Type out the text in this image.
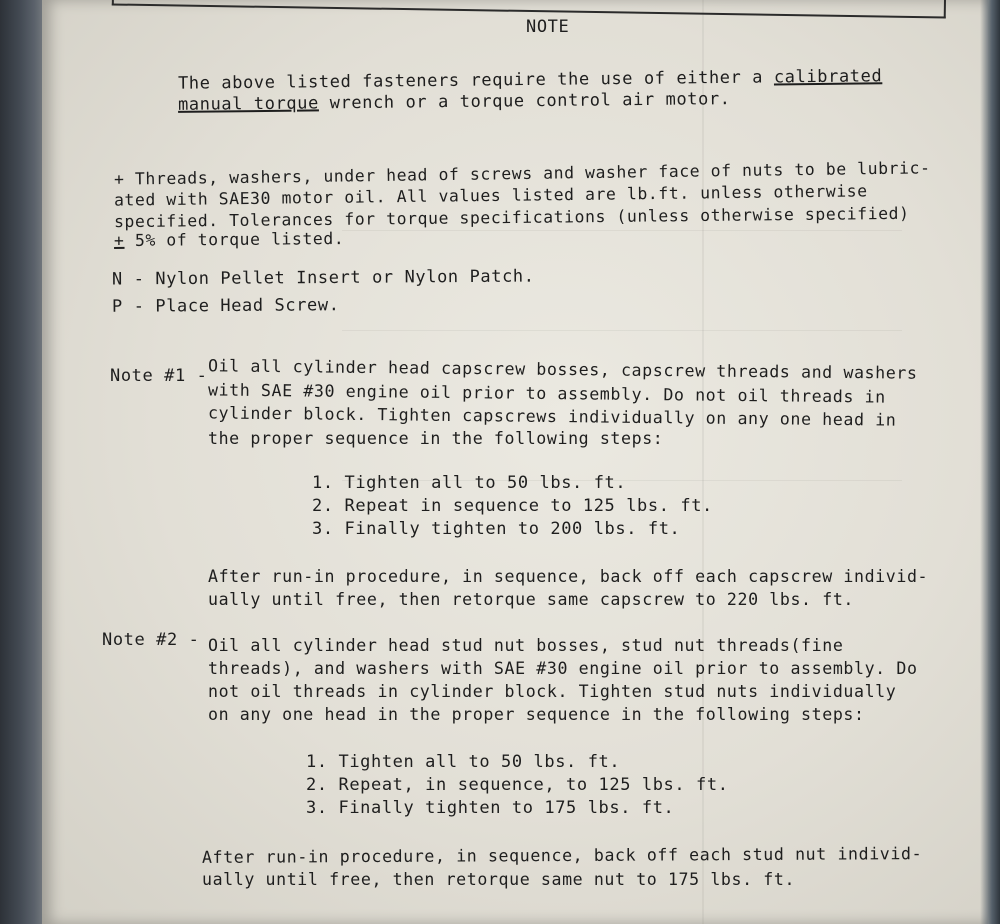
NOTE
The above listed fasteners require the use of either a calibrated
manual torque wrench or a torque control air motor.
+ Threads, washers, under head of screws and washer face of nuts to be lubric-
ated with SAE30 motor oil. All values listed are lb.ft. unless otherwise
specified. Tolerances for torque specifications (unless otherwise specified)
+ 5% of torque listed.
N - Nylon Pellet Insert or Nylon Patch.
P - Place Head Screw.
Note #1 - Oil all cylinder head capscrew bosses, capscrew threads and washers
with SAE #30 engine oil prior to assembly. Do not oil threads in
cylinder block. Tighten capscrews individually on any one head in
the proper sequence in the following steps:
1. Tighten all to 50 lbs. ft.
2. Repeat in sequence to 125 lbs. ft.
3. Finally tighten to 200 lbs. ft.
After run-in procedure, in sequence, back off each capscrew individ-
ually until free, then retorque same capscrew to 220 lbs. ft.
Note #2 - Oil all cylinder head stud nut bosses, stud nut threads(fine
threads), and washers with SAE #30 engine oil prior to assembly. Do
not oil threads in cylinder block. Tighten stud nuts individually
on any one head in the proper sequence in the following steps:
1. Tighten all to 50 lbs. ft.
2. Repeat, in sequence, to 125 lbs. ft.
3. Finally tighten to 175 lbs. ft.
After run-in procedure, in sequence, back off each stud nut individ-
ually until free, then retorque same nut to 175 lbs. ft.
